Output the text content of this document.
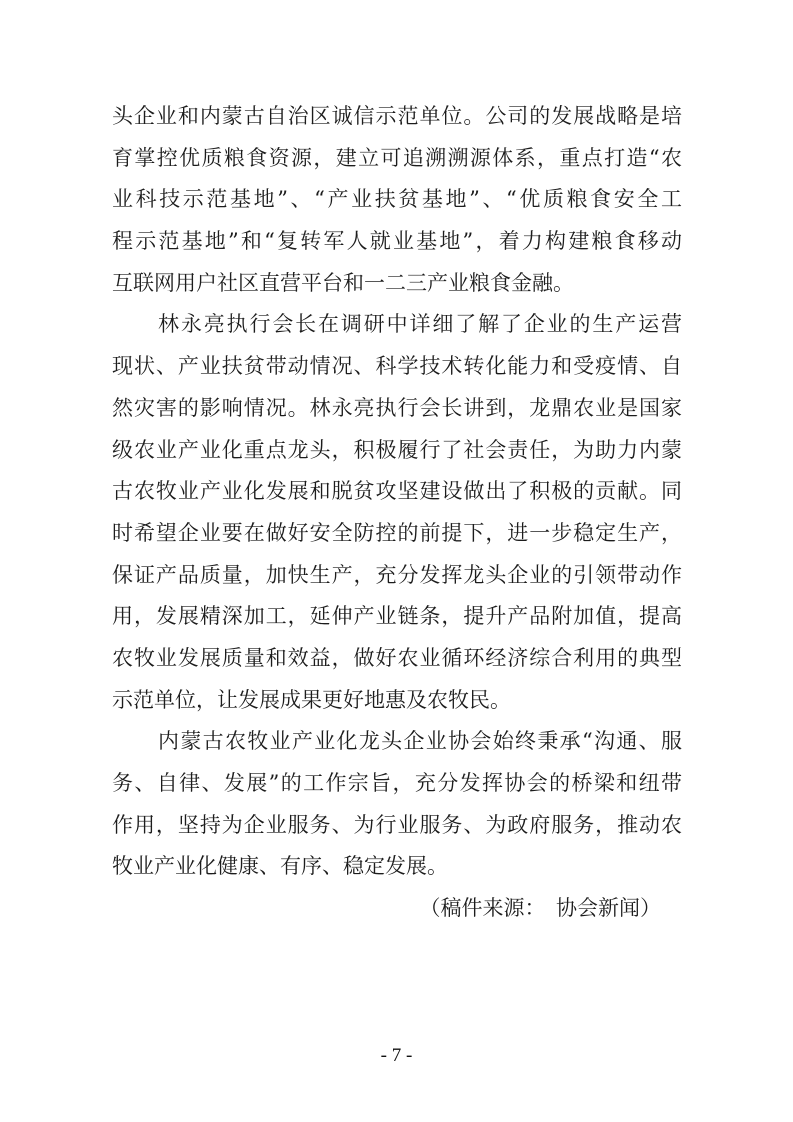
头企业和内蒙古自治区诚信示范单位。公司的发展战略是培
育掌控优质粮食资源，建立可追溯溯源体系，重点打造“农
业科技示范基地”、“产业扶贫基地”、“优质粮食安全工
程示范基地”和“复转军人就业基地”，着力构建粮食移动
互联网用户社区直营平台和一二三产业粮食金融。
林永亮执行会长在调研中详细了解了企业的生产运营
现状、产业扶贫带动情况、科学技术转化能力和受疫情、自
然灾害的影响情况。林永亮执行会长讲到，龙鼎农业是国家
级农业产业化重点龙头，积极履行了社会责任，为助力内蒙
古农牧业产业化发展和脱贫攻坚建设做出了积极的贡献。同
时希望企业要在做好安全防控的前提下，进一步稳定生产，
保证产品质量，加快生产，充分发挥龙头企业的引领带动作
用，发展精深加工，延伸产业链条，提升产品附加值，提高
农牧业发展质量和效益，做好农业循环经济综合利用的典型
示范单位，让发展成果更好地惠及农牧民。
内蒙古农牧业产业化龙头企业协会始终秉承“沟通、服
务、自律、发展”的工作宗旨，充分发挥协会的桥梁和纽带
作用，坚持为企业服务、为行业服务、为政府服务，推动农
牧业产业化健康、有序、稳定发展。
（稿件来源：　协会新闻）
- 7 -
